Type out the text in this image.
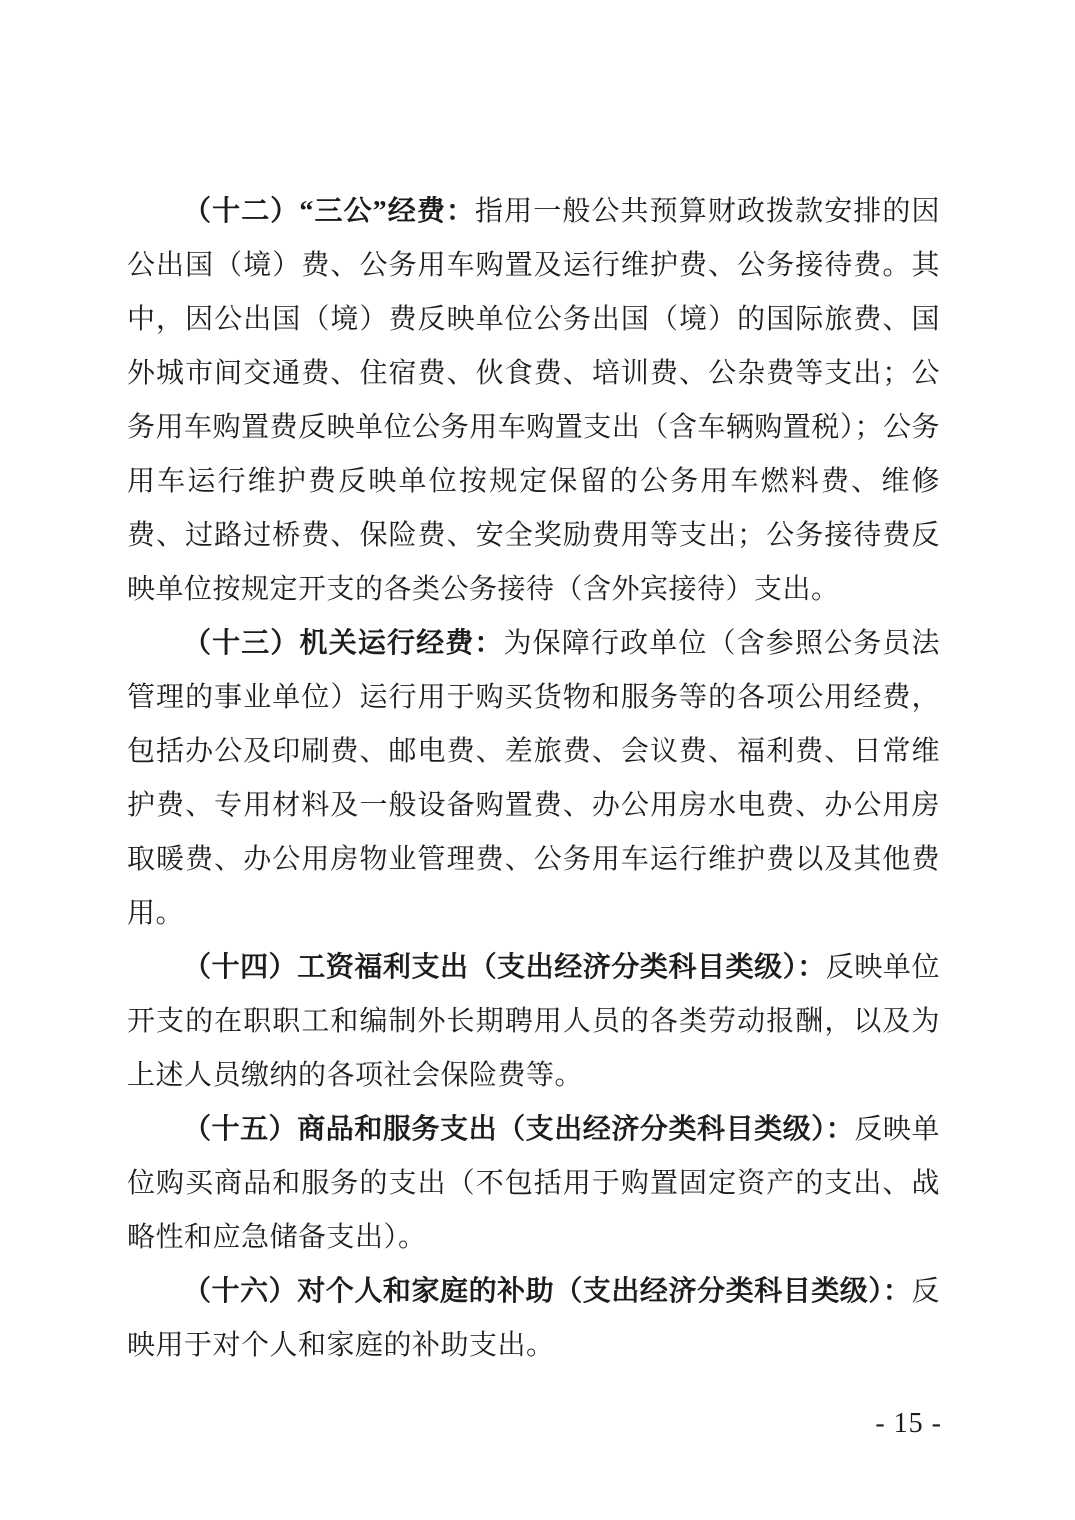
（十二）“三公”经费：指用一般公共预算财政拨款安排的因公出国（境）费、公务用车购置及运行维护费、公务接待费。其中，因公出国（境）费反映单位公务出国（境）的国际旅费、国外城市间交通费、住宿费、伙食费、培训费、公杂费等支出；公务用车购置费反映单位公务用车购置支出（含车辆购置税）；公务用车运行维护费反映单位按规定保留的公务用车燃料费、维修费、过路过桥费、保险费、安全奖励费用等支出；公务接待费反映单位按规定开支的各类公务接待（含外宾接待）支出。

（十三）机关运行经费：为保障行政单位（含参照公务员法管理的事业单位）运行用于购买货物和服务等的各项公用经费，包括办公及印刷费、邮电费、差旅费、会议费、福利费、日常维护费、专用材料及一般设备购置费、办公用房水电费、办公用房取暖费、办公用房物业管理费、公务用车运行维护费以及其他费用。

（十四）工资福利支出（支出经济分类科目类级）：反映单位开支的在职职工和编制外长期聘用人员的各类劳动报酬，以及为上述人员缴纳的各项社会保险费等。

（十五）商品和服务支出（支出经济分类科目类级）：反映单位购买商品和服务的支出（不包括用于购置固定资产的支出、战略性和应急储备支出）。

（十六）对个人和家庭的补助（支出经济分类科目类级）：反映用于对个人和家庭的补助支出。

- 15 -
